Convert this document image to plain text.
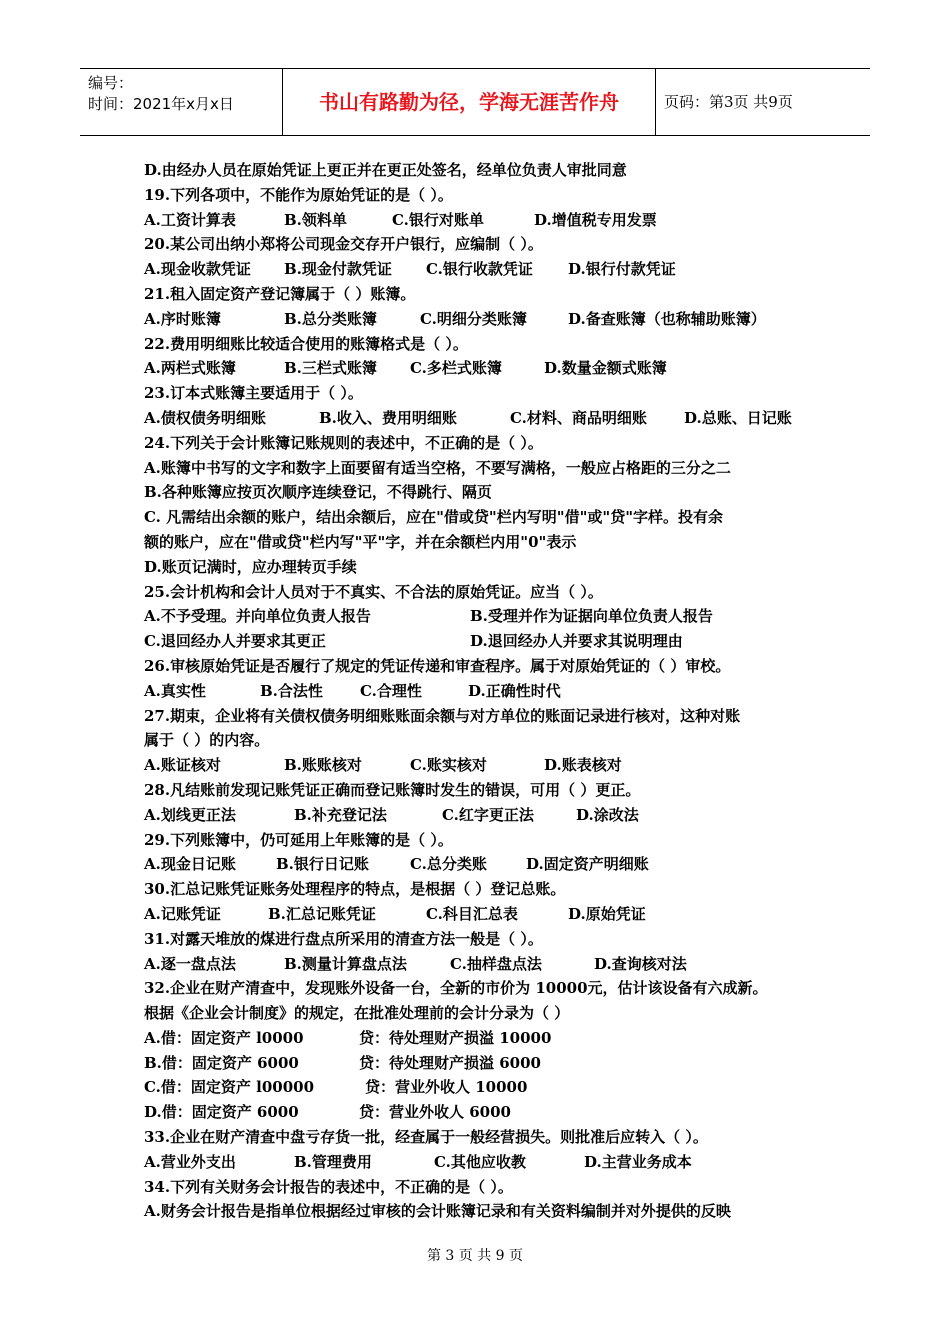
编号：
时间：2021年x月x日	书山有路勤为径，学海无涯苦作舟	页码：第3页 共9页
D.由经办人员在原始凭证上更正并在更正处签名，经单位负责人审批同意
19.下列各项中，不能作为原始凭证的是（ ）。
A.工资计算表	B.领料单	C.银行对账单	D.增值税专用发票
20.某公司出纳小郑将公司现金交存开户银行，应编制（ ）。
A.现金收款凭证 B.现金付款凭证 C.银行收款凭证 D.银行付款凭证
21.租入固定资产登记簿属于（ ）账簿。
A.序时账簿	B.总分类账簿	C.明细分类账簿	D.备查账簿（也称辅助账簿）
22.费用明细账比较适合使用的账簿格式是（ ）。
A.两栏式账簿	B.三栏式账簿 C.多栏式账簿	D.数量金额式账簿
23.订本式账簿主要适用于（ ）。
A.债权债务明细账	B.收入、费用明细账	C.材料、商品明细账 D.总账、日记账
24.下列关于会计账簿记账规则的表述中，不正确的是（ ）。
A.账簿中书写的文字和数字上面要留有适当空格，不要写满格，一般应占格距的三分之二
B.各种账簿应按页次顺序连续登记，不得跳行、隔页
C. 凡需结出余额的账户，结出余额后，应在"借或贷"栏内写明"借"或"贷"字样。投有余
额的账户，应在"借或贷"栏内写"平"字，并在余额栏内用"0"表示
D.账页记满时，应办理转页手续
25.会计机构和会计人员对于不真实、不合法的原始凭证。应当（ ）。
A.不予受理。并向单位负责人报告	B.受理并作为证据向单位负责人报告
C.退回经办人并要求其更正	D.退回经办人并要求其说明理由
26.审核原始凭证是否履行了规定的凭证传递和审查程序。属于对原始凭证的（ ）审校。
A.真实性	B.合法性 C.合理性	D.正确性时代
27.期束，企业将有关债权债务明细账账面余额与对方单位的账面记录进行核对，这种对账
属于（ ）的内容。
A.账证核对	B.账账核对	C.账实核对	D.账表核对
28.凡结账前发现记账凭证正确而登记账簿时发生的错误，可用（ ）更正。
A.划线更正法	B.补充登记法	C.红字更正法	D.涂改法
29.下列账簿中，仍可延用上年账簿的是（ ）。
A.现金日记账	B.银行日记账	C.总分类账	D.固定资产明细账
30.汇总记账凭证账务处理程序的特点，是根据（ ）登记总账。
A.记账凭证	B.汇总记账凭证	C.科目汇总表	D.原始凭证
31.对露天堆放的煤进行盘点所采用的清查方法一般是（ ）。
A.逐一盘点法	B.测量计算盘点法	C.抽样盘点法	D.查询核对法
32.企业在财产清查中，发现账外设备一台，全新的市价为 10000元，估计该设备有六成新。
根据《企业会计制度》的规定，在批准处理前的会计分录为（ ）
A.借：固定资产 l0000	贷：待处理财产损溢 10000
B.借：固定资产 6000	贷：待处理财产损溢 6000
C.借：固定资产 l00000	贷：营业外收人 10000
D.借：固定资产 6000	贷：营业外收人 6000
33.企业在财产清查中盘亏存货一批，经查属于一般经营损失。则批准后应转入（ ）。
A.营业外支出	B.管理费用	C.其他应收教	D.主营业务成本
34.下列有关财务会计报告的表述中，不正确的是（ ）。
A.财务会计报告是指单位根据经过审核的会计账簿记录和有关资料编制并对外提供的反映
第 3 页 共 9 页
